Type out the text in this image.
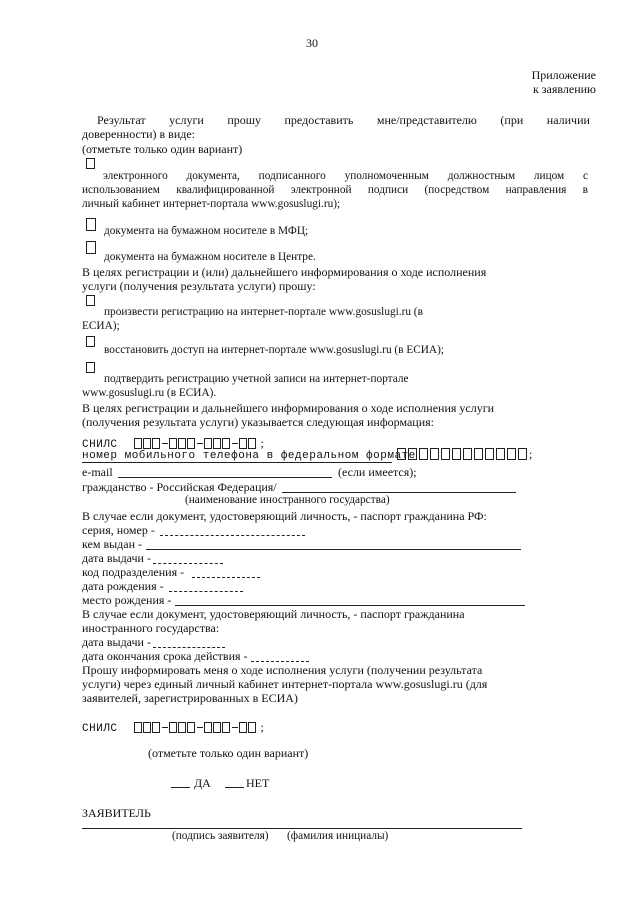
30
Приложение
к заявлению
Результат услуги прошу предоставить мне/представителю (при наличии
доверенности) в виде:
(отметьте только один вариант)
электронного документа, подписанного уполномоченным должностным лицом с
использованием квалифицированной электронной подписи (посредством направления в
личный кабинет интернет-портала www.gosuslugi.ru);
документа на бумажном носителе в МФЦ;
документа на бумажном носителе в Центре.
В целях регистрации и (или) дальнейшего информирования о ходе исполнения
услуги (получения результата услуги) прошу:
произвести регистрацию на интернет-портале www.gosuslugi.ru (в
ЕСИА);
восстановить доступ на интернет-портале www.gosuslugi.ru (в ЕСИА);
подтвердить регистрацию учетной записи на интернет-портале
www.gosuslugi.ru (в ЕСИА).
В целях регистрации и дальнейшего информирования о ходе исполнения услуги
(получения результата услуги) указывается следующая информация:
СНИЛС	;
номер мобильного телефона в федеральном формате	;
e-mail	(если имеется);
гражданство - Российская Федерация/
(наименование иностранного государства)
В случае если документ, удостоверяющий личность, - паспорт гражданина РФ:
серия, номер -
кем выдан -
дата выдачи -
код подразделения -
дата рождения -
место рождения -
В случае если документ, удостоверяющий личность, - паспорт гражданина
иностранного государства:
дата выдачи -
дата окончания срока действия -
Прошу информировать меня о ходе исполнения услуги (получении результата
услуги) через единый личный кабинет интернет-портала www.gosuslugi.ru (для
заявителей, зарегистрированных в ЕСИА)
СНИЛС	;
(отметьте только один вариант)
ДА	НЕТ
ЗАЯВИТЕЛЬ
(подпись заявителя) (фамилия инициалы)
